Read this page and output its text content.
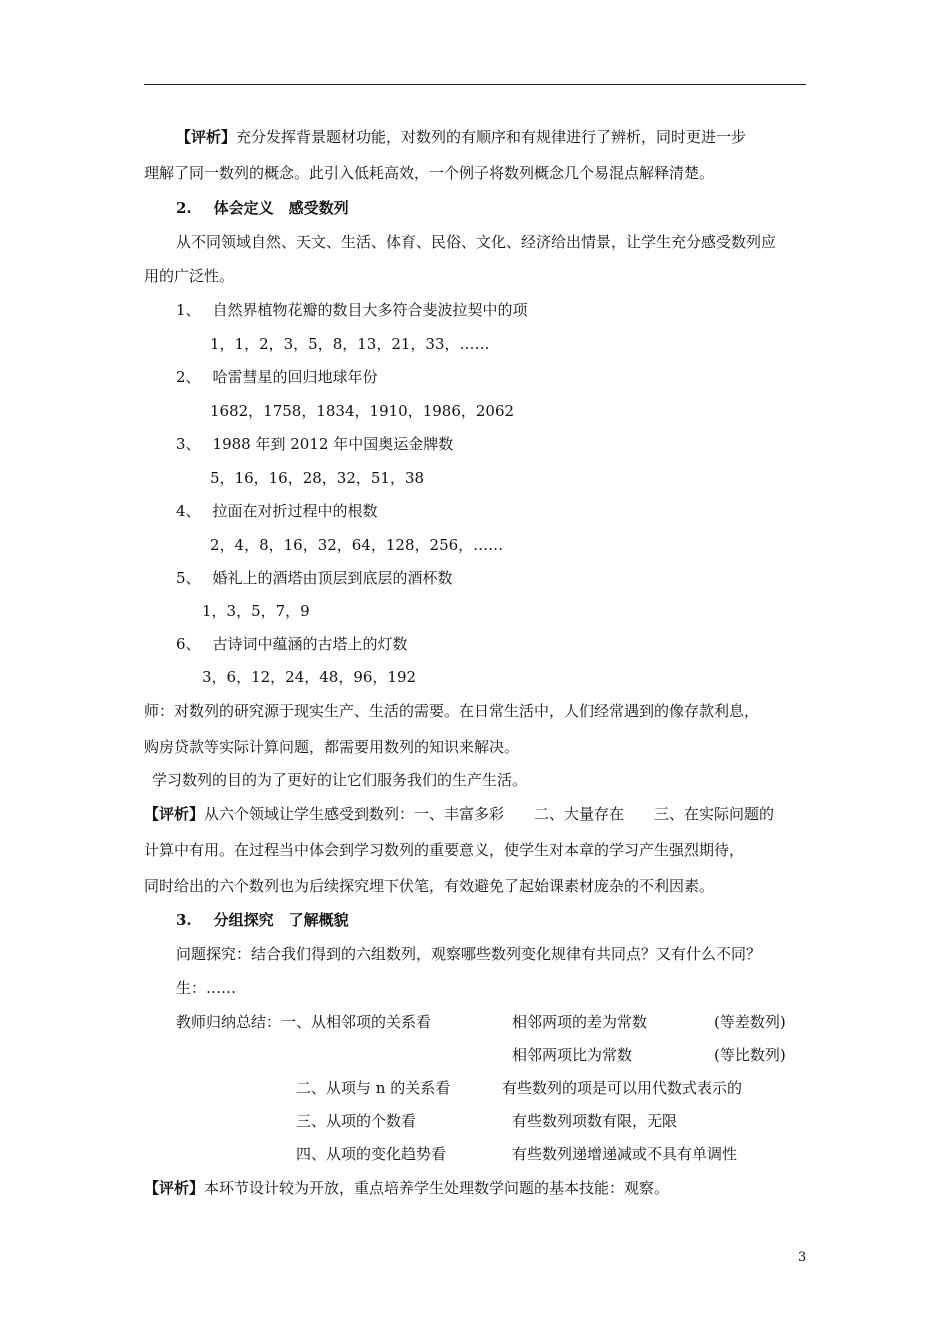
【评析】充分发挥背景题材功能，对数列的有顺序和有规律进行了辨析，同时更进一步
理解了同一数列的概念。此引入低耗高效，一个例子将数列概念几个易混点解释清楚。
2. 体会定义　感受数列
从不同领域自然、天文、生活、体育、民俗、文化、经济给出情景，让学生充分感受数列应
用的广泛性。
1、 自然界植物花瓣的数目大多符合斐波拉契中的项
1，1，2，3，5，8，13，21，33，……
2、 哈雷彗星的回归地球年份
1682，1758，1834，1910，1986，2062
3、 1988 年到 2012 年中国奥运金牌数
5，16，16，28，32，51，38
4、 拉面在对折过程中的根数
2，4，8，16，32，64，128，256，……
5、 婚礼上的酒塔由顶层到底层的酒杯数
1，3，5，7，9
6、 古诗词中蕴涵的古塔上的灯数
3，6，12，24，48，96，192
师：对数列的研究源于现实生产、生活的需要。在日常生活中，人们经常遇到的像存款利息，
购房贷款等实际计算问题，都需要用数列的知识来解决。
学习数列的目的为了更好的让它们服务我们的生产生活。
【评析】从六个领域让学生感受到数列：一、丰富多彩　　二、大量存在　　三、在实际问题的
计算中有用。在过程当中体会到学习数列的重要意义，使学生对本章的学习产生强烈期待，
同时给出的六个数列也为后续探究埋下伏笔，有效避免了起始课素材庞杂的不利因素。
3. 分组探究　了解概貌
问题探究：结合我们得到的六组数列，观察哪些数列变化规律有共同点？又有什么不同？
生：……
教师归纳总结：一、从相邻项的关系看	相邻两项的差为常数	(等差数列)
相邻两项比为常数	(等比数列)
二、从项与 n 的关系看	有些数列的项是可以用代数式表示的
三、从项的个数看	有些数列项数有限，无限
四、从项的变化趋势看	有些数列递增递减或不具有单调性
【评析】本环节设计较为开放，重点培养学生处理数学问题的基本技能：观察。
3
